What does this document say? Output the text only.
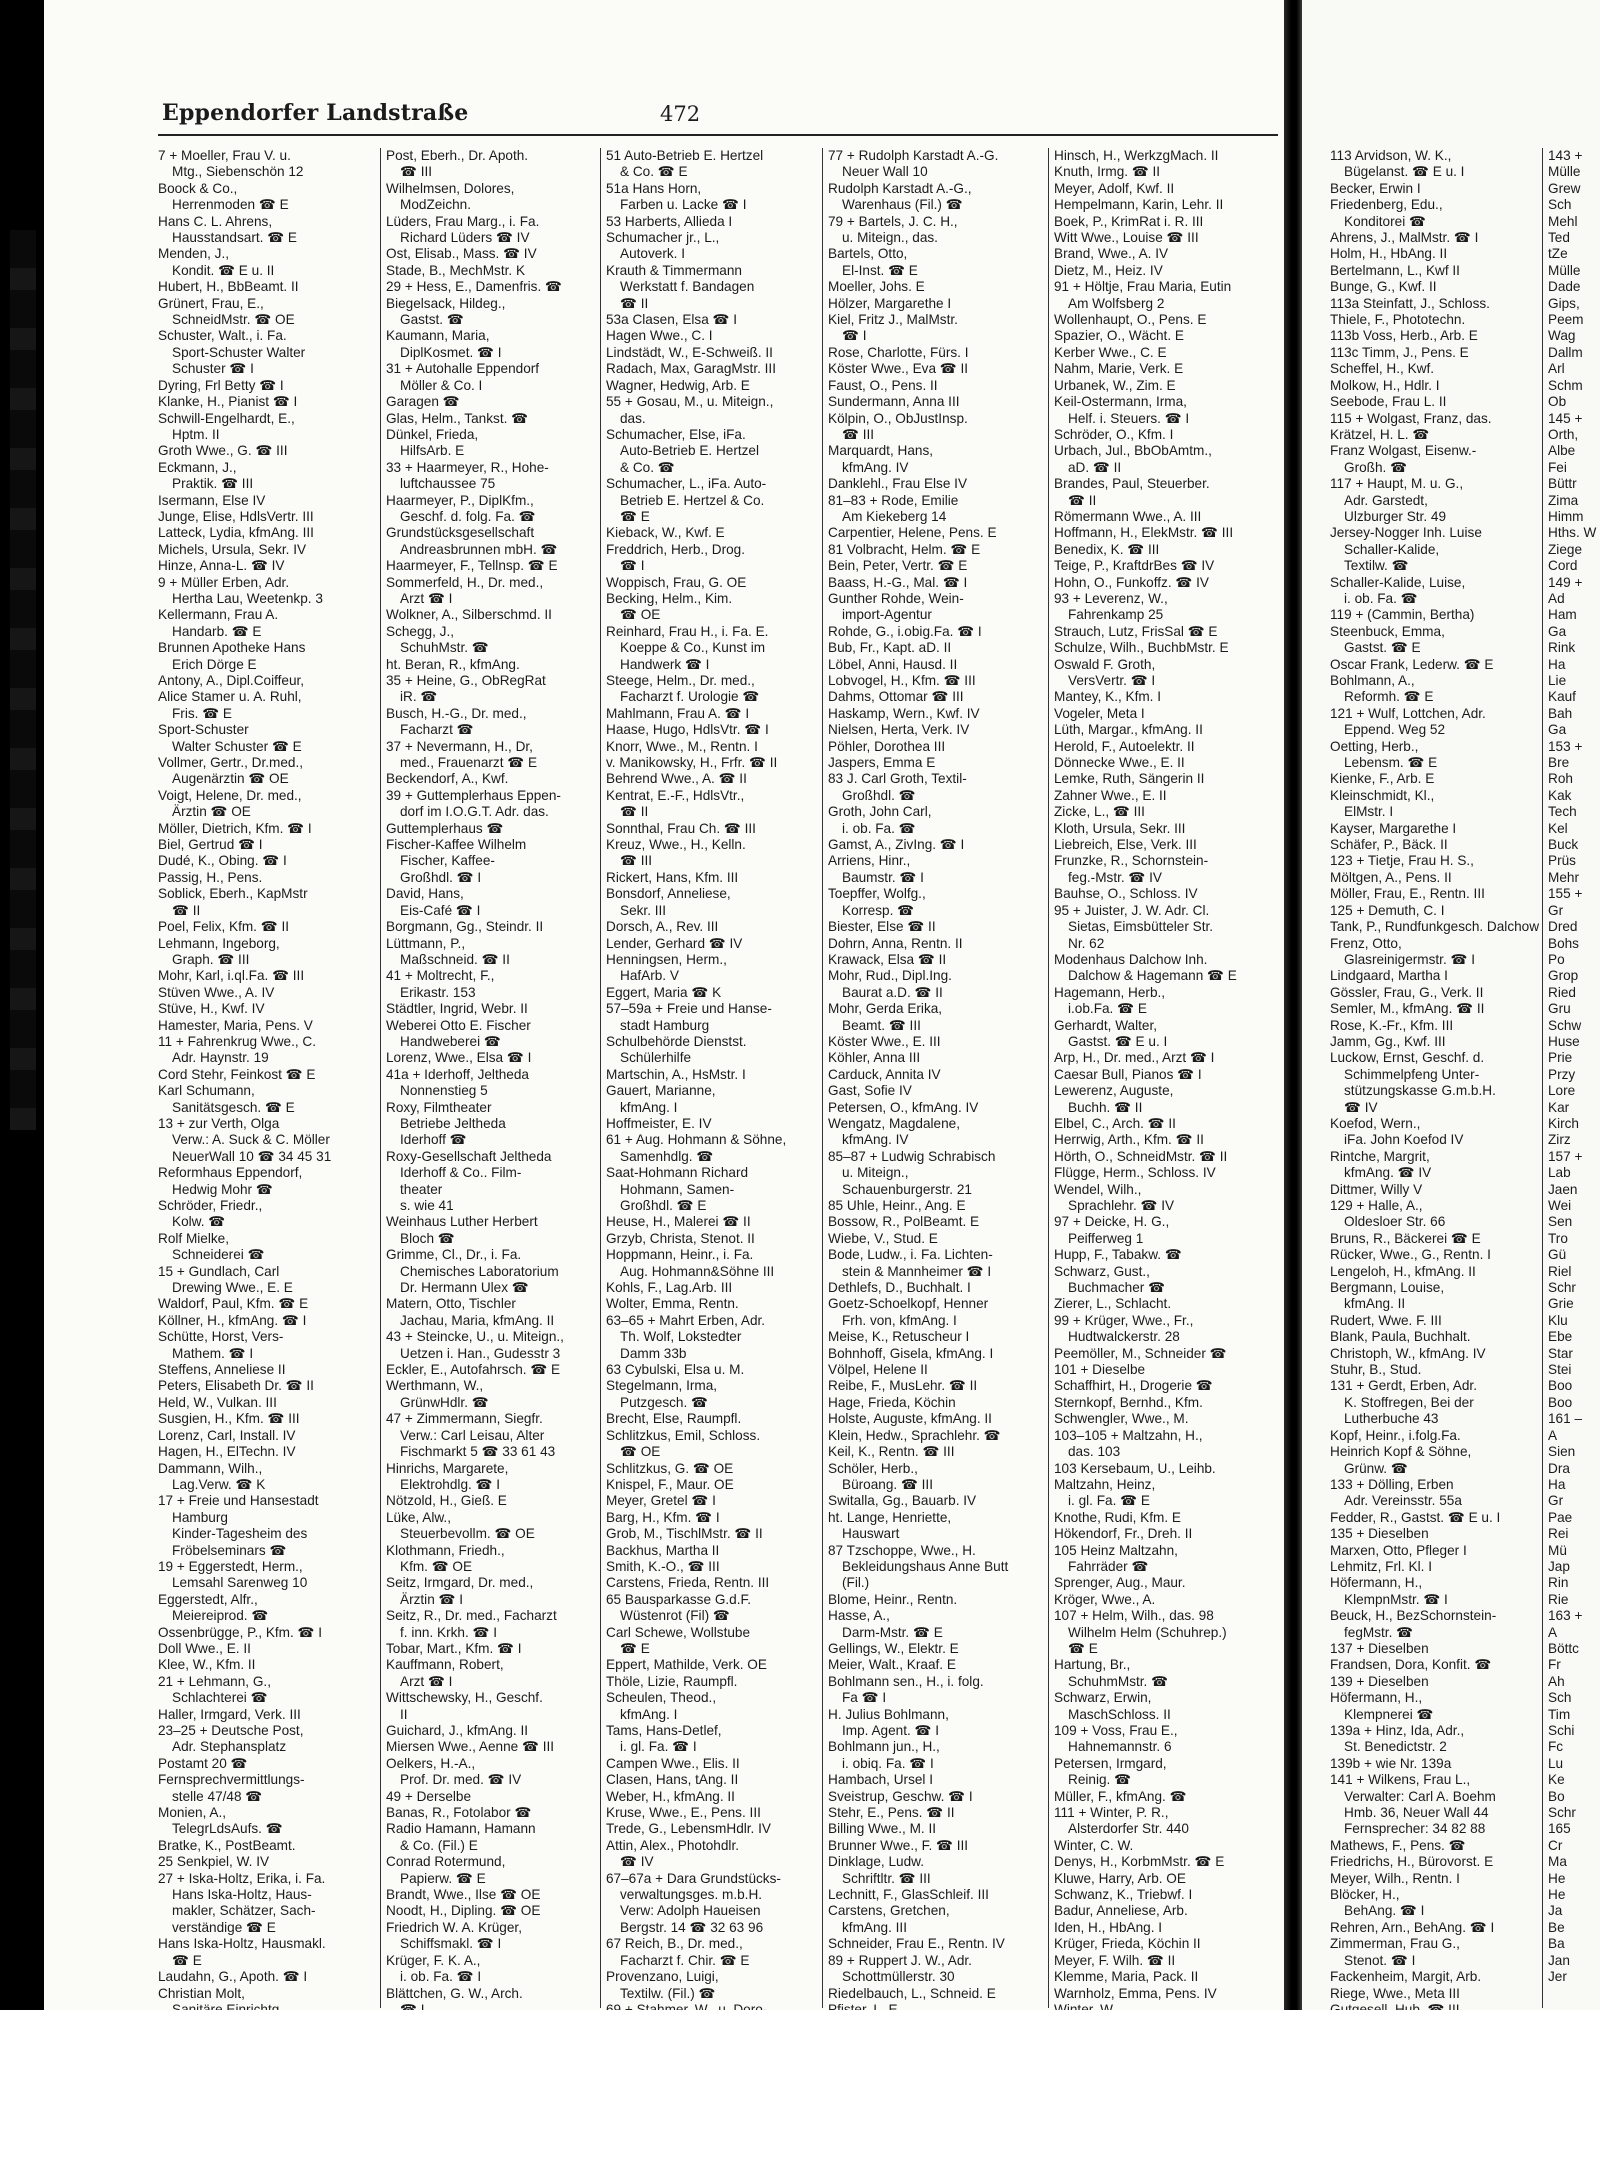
Eppendorfer Landstraße	472
7 + Moeller, Frau V. u.
Mtg., Siebenschön 12
Boock & Co.,
Herrenmoden ☎ E
Hans C. L. Ahrens,
Hausstandsart. ☎ E
Menden, J.,
Kondit. ☎ E u. II
Hubert, H., BbBeamt. II
Grünert, Frau, E.,
SchneidMstr. ☎ OE
Schuster, Walt., i. Fa.
Sport-Schuster Walter
Schuster ☎ I
Dyring, Frl Betty ☎ I
Klanke, H., Pianist ☎ I
Schwill-Engelhardt, E.,
Hptm. II
Groth Wwe., G. ☎ III
Eckmann, J.,
Praktik. ☎ III
Isermann, Else IV
Junge, Elise, HdlsVertr. III
Latteck, Lydia, kfmAng. III
Michels, Ursula, Sekr. IV
Hinze, Anna-L. ☎ IV
9 + Müller Erben, Adr.
Hertha Lau, Weetenkp. 3
Kellermann, Frau A.
Handarb. ☎ E
Brunnen Apotheke Hans
Erich Dörge E
Antony, A., Dipl.Coiffeur,
Alice Stamer u. A. Ruhl,
Fris. ☎ E
Sport-Schuster
Walter Schuster ☎ E
Vollmer, Gertr., Dr.med.,
Augenärztin ☎ OE
Voigt, Helene, Dr. med.,
Ärztin ☎ OE
Möller, Dietrich, Kfm. ☎ I
Biel, Gertrud ☎ I
Dudé, K., Obing. ☎ I
Passig, H., Pens.
Soblick, Eberh., KapMstr
☎ II
Poel, Felix, Kfm. ☎ II
Lehmann, Ingeborg,
Graph. ☎ III
Mohr, Karl, i.ql.Fa. ☎ III
Stüven Wwe., A. IV
Stüve, H., Kwf. IV
Hamester, Maria, Pens. V
11 + Fahrenkrug Wwe., C.
Adr. Haynstr. 19
Cord Stehr, Feinkost ☎ E
Karl Schumann,
Sanitätsgesch. ☎ E
13 + zur Verth, Olga
Verw.: A. Suck & C. Möller
NeuerWall 10 ☎ 34 45 31
Reformhaus Eppendorf,
Hedwig Mohr ☎
Schröder, Friedr.,
Kolw. ☎
Rolf Mielke,
Schneiderei ☎
15 + Gundlach, Carl
Drewing Wwe., E. E
Waldorf, Paul, Kfm. ☎ E
Köllner, H., kfmAng. ☎ I
Schütte, Horst, Vers-
Mathem. ☎ I
Steffens, Anneliese II
Peters, Elisabeth Dr. ☎ II
Held, W., Vulkan. III
Susgien, H., Kfm. ☎ III
Lorenz, Carl, Install. IV
Hagen, H., ElTechn. IV
Dammann, Wilh.,
Lag.Verw. ☎ K
17 + Freie und Hansestadt
Hamburg
Kinder-Tagesheim des
Fröbelseminars ☎
19 + Eggerstedt, Herm.,
Lemsahl Sarenweg 10
Eggerstedt, Alfr.,
Meiereiprod. ☎
Ossenbrügge, P., Kfm. ☎ I
Doll Wwe., E. II
Klee, W., Kfm. II
21 + Lehmann, G.,
Schlachterei ☎
Haller, Irmgard, Verk. III
23–25 + Deutsche Post,
Adr. Stephansplatz
Postamt 20 ☎
Fernsprechvermittlungs-
stelle 47/48 ☎
Monien, A.,
TelegrLdsAufs. ☎
Bratke, K., PostBeamt.
25 Senkpiel, W. IV
27 + Iska-Holtz, Erika, i. Fa.
Hans Iska-Holtz, Haus-
makler, Schätzer, Sach-
verständige ☎ E
Hans Iska-Holtz, Hausmakl.
☎ E
Laudahn, G., Apoth. ☎ I
Christian Molt,
Post, Eberh., Dr. Apoth.
☎ III
Wilhelmsen, Dolores,
ModZeichn.
Lüders, Frau Marg., i. Fa.
Richard Lüders ☎ IV
Ost, Elisab., Mass. ☎ IV
Stade, B., MechMstr. K
29 + Hess, E., Damenfris. ☎
Biegelsack, Hildeg.,
Gastst. ☎
Kaumann, Maria,
DiplKosmet. ☎ I
31 + Autohalle Eppendorf
Möller & Co. I
Garagen ☎
Glas, Helm., Tankst. ☎
Dünkel, Frieda,
HilfsArb. E
33 + Haarmeyer, R., Hohe-
luftchaussee 75
Haarmeyer, P., DiplKfm.,
Geschf. d. folg. Fa. ☎
Grundstücksgesellschaft
Andreasbrunnen mbH. ☎
Haarmeyer, F., Tellnsp. ☎ E
Sommerfeld, H., Dr. med.,
Arzt ☎ I
Wolkner, A., Silberschmd. II
Schegg, J.,
SchuhMstr. ☎
ht. Beran, R., kfmAng.
35 + Heine, G., ObRegRat
iR. ☎
Busch, H.-G., Dr. med.,
Facharzt ☎
37 + Nevermann, H., Dr,
med., Frauenarzt ☎ E
Beckendorf, A., Kwf.
39 + Guttemplerhaus Eppen-
dorf im I.O.G.T. Adr. das.
Guttemplerhaus ☎
Fischer-Kaffee Wilhelm
Fischer, Kaffee-
Großhdl. ☎ I
David, Hans,
Eis-Café ☎ I
Borgmann, Gg., Steindr. II
Lüttmann, P.,
Maßschneid. ☎ II
41 + Moltrecht, F.,
Erikastr. 153
Städtler, Ingrid, Webr. II
Weberei Otto E. Fischer
Handweberei ☎
Lorenz, Wwe., Elsa ☎ I
41a + Iderhoff, Jeltheda
Nonnenstieg 5
Roxy, Filmtheater
Betriebe Jeltheda
Iderhoff ☎
Roxy-Gesellschaft Jeltheda
Iderhoff & Co.. Film-
theater
s. wie 41
Weinhaus Luther Herbert
Bloch ☎
Grimme, Cl., Dr., i. Fa.
Chemisches Laboratorium
Dr. Hermann Ulex ☎
Matern, Otto, Tischler
Jachau, Maria, kfmAng. II
43 + Steincke, U., u. Miteign.,
Uetzen i. Han., Gudesstr 3
Eckler, E., Autofahrsch. ☎ E
Werthmann, W.,
GrünwHdlr. ☎
47 + Zimmermann, Siegfr.
Verw.: Carl Leisau, Alter
Fischmarkt 5 ☎ 33 61 43
Hinrichs, Margarete,
Elektrohdlg. ☎ I
Nötzold, H., Gieß. E
Lüke, Alw.,
Steuerbevollm. ☎ OE
Klothmann, Friedh.,
Kfm. ☎ OE
Seitz, Irmgard, Dr. med.,
Ärztin ☎ I
Seitz, R., Dr. med., Facharzt
f. inn. Krkh. ☎ I
Tobar, Mart., Kfm. ☎ I
Kauffmann, Robert,
Arzt ☎ I
Wittschewsky, H., Geschf.
II
Guichard, J., kfmAng. II
Miersen Wwe., Aenne ☎ III
Oelkers, H.-A.,
Prof. Dr. med. ☎ IV
49 + Derselbe
Banas, R., Fotolabor ☎
Radio Hamann, Hamann
& Co. (Fil.) E
Conrad Rotermund,
Papierw. ☎ E
Brandt, Wwe., Ilse ☎ OE
Noodt, H., Dipling. ☎ OE
Friedrich W. A. Krüger,
Schiffsmakl. ☎ I
Krüger, F. K. A.,
i. ob. Fa. ☎ I
Blättchen, G. W., Arch.
51 Auto-Betrieb E. Hertzel
& Co. ☎ E
51a Hans Horn,
Farben u. Lacke ☎ I
53 Harberts, Allieda I
Schumacher jr., L.,
Autoverk. I
Krauth & Timmermann
Werkstatt f. Bandagen
☎ II
53a Clasen, Elsa ☎ I
Hagen Wwe., C. I
Lindstädt, W., E-Schweiß. II
Radach, Max, GaragMstr. III
Wagner, Hedwig, Arb. E
55 + Gosau, M., u. Miteign.,
das.
Schumacher, Else, iFa.
Auto-Betrieb E. Hertzel
& Co. ☎
Schumacher, L., iFa. Auto-
Betrieb E. Hertzel & Co.
☎ E
Kieback, W., Kwf. E
Freddrich, Herb., Drog.
☎ I
Woppisch, Frau, G. OE
Becking, Helm., Kim.
☎ OE
Reinhard, Frau H., i. Fa. E.
Koeppe & Co., Kunst im
Handwerk ☎ I
Steege, Helm., Dr. med.,
Facharzt f. Urologie ☎
Mahlmann, Frau A. ☎ I
Haase, Hugo, HdlsVtr. ☎ I
Knorr, Wwe., M., Rentn. I
v. Manikowsky, H., Frfr. ☎ II
Behrend Wwe., A. ☎ II
Kentrat, E.-F., HdlsVtr.,
☎ II
Sonnthal, Frau Ch. ☎ III
Kreuz, Wwe., H., Kelln.
☎ III
Rickert, Hans, Kfm. III
Bonsdorf, Anneliese,
Sekr. III
Dorsch, A., Rev. III
Lender, Gerhard ☎ IV
Henningsen, Herm.,
HafArb. V
Eggert, Maria ☎ K
57–59a + Freie und Hanse-
stadt Hamburg
Schulbehörde Dienstst.
Schülerhilfe
Martschin, A., HsMstr. I
Gauert, Marianne,
kfmAng. I
Hoffmeister, E. IV
61 + Aug. Hohmann & Söhne,
Samenhdlg. ☎
Saat-Hohmann Richard
Hohmann, Samen-
Großhdl. ☎ E
Heuse, H., Malerei ☎ II
Grzyb, Christa, Stenot. II
Hoppmann, Heinr., i. Fa.
Aug. Hohmann&Söhne III
Kohls, F., Lag.Arb. III
Wolter, Emma, Rentn.
63–65 + Mahrt Erben, Adr.
Th. Wolf, Lokstedter
Damm 33b
63 Cybulski, Elsa u. M.
Stegelmann, Irma,
Putzgesch. ☎
Brecht, Else, Raumpfl.
Schlitzkus, Emil, Schloss.
☎ OE
Schlitzkus, G. ☎ OE
Knispel, F., Maur. OE
Meyer, Gretel ☎ I
Barg, H., Kfm. ☎ I
Grob, M., TischlMstr. ☎ II
Backhus, Martha II
Smith, K.-O., ☎ III
Carstens, Frieda, Rentn. III
65 Bausparkasse G.d.F.
Wüstenrot (Fil) ☎
Carl Schewe, Wollstube
☎ E
Eppert, Mathilde, Verk. OE
Thöle, Lizie, Raumpfl.
Scheulen, Theod.,
kfmAng. I
Tams, Hans-Detlef,
i. gl. Fa. ☎ I
Campen Wwe., Elis. II
Clasen, Hans, tAng. II
Weber, H., kfmAng. II
Kruse, Wwe., E., Pens. III
Trede, G., LebensmHdlr. IV
Attin, Alex., Photohdlr.
☎ IV
67–67a + Dara Grundstücks-
verwaltungsges. m.b.H.
Verw: Adolph Haueisen
Bergstr. 14 ☎ 32 63 96
67 Reich, B., Dr. med.,
Facharzt f. Chir. ☎ E
Provenzano, Luigi,
Textilw. (Fil.) ☎
77 + Rudolph Karstadt A.-G.
Neuer Wall 10
Rudolph Karstadt A.-G.,
Warenhaus (Fil.) ☎
79 + Bartels, J. C. H.,
u. Miteign., das.
Bartels, Otto,
El-Inst. ☎ E
Moeller, Johs. E
Hölzer, Margarethe I
Kiel, Fritz J., MalMstr.
☎ I
Rose, Charlotte, Fürs. I
Köster Wwe., Eva ☎ II
Faust, O., Pens. II
Sundermann, Anna III
Kölpin, O., ObJustInsp.
☎ III
Marquardt, Hans,
kfmAng. IV
Danklehl., Frau Else IV
81–83 + Rode, Emilie
Am Kiekeberg 14
Carpentier, Helene, Pens. E
81 Volbracht, Helm. ☎ E
Bein, Peter, Vertr. ☎ E
Baass, H.-G., Mal. ☎ I
Gunther Rohde, Wein-
import-Agentur
Rohde, G., i.obig.Fa. ☎ I
Bub, Fr., Kapt. aD. II
Löbel, Anni, Hausd. II
Lobvogel, H., Kfm. ☎ III
Dahms, Ottomar ☎ III
Haskamp, Wern., Kwf. IV
Nielsen, Herta, Verk. IV
Pöhler, Dorothea III
Jaspers, Emma E
83 J. Carl Groth, Textil-
Großhdl. ☎
Groth, John Carl,
i. ob. Fa. ☎
Gamst, A., ZivIng. ☎ I
Arriens, Hinr.,
Baumstr. ☎ I
Toepffer, Wolfg.,
Korresp. ☎
Biester, Else ☎ II
Dohrn, Anna, Rentn. II
Krawack, Elsa ☎ II
Mohr, Rud., Dipl.Ing.
Baurat a.D. ☎ II
Mohr, Gerda Erika,
Beamt. ☎ III
Köster Wwe., E. III
Köhler, Anna III
Carduck, Annita IV
Gast, Sofie IV
Petersen, O., kfmAng. IV
Wengatz, Magdalene,
kfmAng. IV
85–87 + Ludwig Schrabisch
u. Miteign.,
Schauenburgerstr. 21
85 Uhle, Heinr., Ang. E
Bossow, R., PolBeamt. E
Wiebe, V., Stud. E
Bode, Ludw., i. Fa. Lichten-
stein & Mannheimer ☎ I
Dethlefs, D., Buchhalt. I
Goetz-Schoelkopf, Henner
Frh. von, kfmAng. I
Meise, K., Retuscheur I
Bohnhoff, Gisela, kfmAng. I
Völpel, Helene II
Reibe, F., MusLehr. ☎ II
Hage, Frieda, Köchin
Holste, Auguste, kfmAng. II
Klein, Hedw., Sprachlehr. ☎
Keil, K., Rentn. ☎ III
Schöler, Herb.,
Büroang. ☎ III
Switalla, Gg., Bauarb. IV
ht. Lange, Henriette,
Hauswart
87 Tzschoppe, Wwe., H.
Bekleidungshaus Anne Butt
(Fil.)
Blome, Heinr., Rentn.
Hasse, A.,
Darm-Mstr. ☎ E
Gellings, W., Elektr. E
Meier, Walt., Kraaf. E
Bohlmann sen., H., i. folg.
Fa ☎ I
H. Julius Bohlmann,
Imp. Agent. ☎ I
Bohlmann jun., H.,
i. obiq. Fa. ☎ I
Hambach, Ursel I
Sveistrup, Geschw. ☎ I
Stehr, E., Pens. ☎ II
Billing Wwe., M. II
Brunner Wwe., F. ☎ III
Dinklage, Ludw.
Schriftltr. ☎ III
Lechnitt, F., GlasSchleif. III
Carstens, Gretchen,
kfmAng. III
Schneider, Frau E., Rentn. IV
89 + Ruppert J. W., Adr.
Schottmüllerstr. 30
Riedelbauch, L., Schneid. E
Hinsch, H., WerkzgMach. II
Knuth, Irmg. ☎ II
Meyer, Adolf, Kwf. II
Hempelmann, Karin, Lehr. II
Boek, P., KrimRat i. R. III
Witt Wwe., Louise ☎ III
Brand, Wwe., A. IV
Dietz, M., Heiz. IV
91 + Höltje, Frau Maria, Eutin
Am Wolfsberg 2
Wollenhaupt, O., Pens. E
Spazier, O., Wächt. E
Kerber Wwe., C. E
Nahm, Marie, Verk. E
Urbanek, W., Zim. E
Keil-Ostermann, Irma,
Helf. i. Steuers. ☎ I
Schröder, O., Kfm. I
Urbach, Jul., BbObAmtm.,
aD. ☎ II
Brandes, Paul, Steuerber.
☎ II
Römermann Wwe., A. III
Hoffmann, H., ElekMstr. ☎ III
Benedix, K. ☎ III
Teige, P., KraftdrBes ☎ IV
Hohn, O., Funkoffz. ☎ IV
93 + Leverenz, W.,
Fahrenkamp 25
Strauch, Lutz, FrisSal ☎ E
Schulze, Wilh., BuchbMstr. E
Oswald F. Groth,
VersVertr. ☎ I
Mantey, K., Kfm. I
Vogeler, Meta I
Lüth, Margar., kfmAng. II
Herold, F., Autoelektr. II
Dönnecke Wwe., E. II
Lemke, Ruth, Sängerin II
Zahner Wwe., E. II
Zicke, L., ☎ III
Kloth, Ursula, Sekr. III
Liebreich, Else, Verk. III
Frunzke, R., Schornstein-
feg.-Mstr. ☎ IV
Bauhse, O., Schloss. IV
95 + Juister, J. W. Adr. Cl.
Sietas, Eimsbütteler Str.
Nr. 62
Modenhaus Dalchow Inh.
Dalchow & Hagemann ☎ E
Hagemann, Herb.,
i.ob.Fa. ☎ E
Gerhardt, Walter,
Gastst. ☎ E u. I
Arp, H., Dr. med., Arzt ☎ I
Caesar Bull, Pianos ☎ I
Lewerenz, Auguste,
Buchh. ☎ II
Elbel, C., Arch. ☎ II
Herrwig, Arth., Kfm. ☎ II
Hörth, O., SchneidMstr. ☎ II
Flügge, Herm., Schloss. IV
Wendel, Wilh.,
Sprachlehr. ☎ IV
97 + Deicke, H. G.,
Peifferweg 1
Hupp, F., Tabakw. ☎
Schwarz, Gust.,
Buchmacher ☎
Zierer, L., Schlacht.
99 + Krüger, Wwe., Fr.,
Hudtwalckerstr. 28
Peemöller, M., Schneider ☎
101 + Dieselbe
Schaffhirt, H., Drogerie ☎
Sternkopf, Bernhd., Kfm.
Schwengler, Wwe., M.
103–105 + Maltzahn, H.,
das. 103
103 Kersebaum, U., Leihb.
Maltzahn, Heinz,
i. gl. Fa. ☎ E
Knothe, Rudi, Kfm. E
Hökendorf, Fr., Dreh. II
105 Heinz Maltzahn,
Fahrräder ☎
Sprenger, Aug., Maur.
Kröger, Wwe., A.
107 + Helm, Wilh., das. 98
Wilhelm Helm (Schuhrep.)
☎ E
Hartung, Br.,
SchuhmMstr. ☎
Schwarz, Erwin,
MaschSchloss. II
109 + Voss, Frau E.,
Hahnemannstr. 6
Petersen, Irmgard,
Reinig. ☎
Müller, F., kfmAng. ☎
111 + Winter, P. R.,
Alsterdorfer Str. 440
Winter, C. W.
Denys, H., KorbmMstr. ☎ E
Kluwe, Harry, Arb. OE
Schwanz, K., Triebwf. I
Badur, Anneliese, Arb.
Iden, H., HbAng. I
Krüger, Frieda, Köchin II
Meyer, F. Wilh. ☎ II
Klemme, Maria, Pack. II
Warnholz, Emma, Pens. IV
113 Arvidson, W. K.,
Bügelanst. ☎ E u. I
Becker, Erwin I
Friedenberg, Edu.,
Konditorei ☎
Ahrens, J., MalMstr. ☎ I
Holm, H., HbAng. II
Bertelmann, L., Kwf II
Bunge, G., Kwf. II
113a Steinfatt, J., Schloss.
Thiele, F., Phototechn.
113b Voss, Herb., Arb. E
113c Timm, J., Pens. E
Scheffel, H., Kwf.
Molkow, H., Hdlr. I
Seebode, Frau L. II
115 + Wolgast, Franz, das.
Krätzel, H. L. ☎
Franz Wolgast, Eisenw.-
Großh. ☎
117 + Haupt, M. u. G.,
Adr. Garstedt,
Ulzburger Str. 49
Jersey-Nogger Inh. Luise
Schaller-Kalide,
Textilw. ☎
Schaller-Kalide, Luise,
i. ob. Fa. ☎
119 + (Cammin, Bertha)
Steenbuck, Emma,
Gastst. ☎ E
Oscar Frank, Lederw. ☎ E
Bohlmann, A.,
Reformh. ☎ E
121 + Wulf, Lottchen, Adr.
Eppend. Weg 52
Oetting, Herb.,
Lebensm. ☎ E
Kienke, F., Arb. E
Kleinschmidt, Kl.,
ElMstr. I
Kayser, Margarethe I
Schäfer, P., Bäck. II
123 + Tietje, Frau H. S.,
Möltgen, A., Pens. II
Möller, Frau, E., Rentn. III
125 + Demuth, C. I
Tank, P., Rundfunkgesch. Dalchow
Frenz, Otto,
Glasreinigermstr. ☎ I
Lindgaard, Martha I
Gössler, Frau, G., Verk. II
Semler, M., kfmAng. ☎ II
Rose, K.-Fr., Kfm. III
Jamm, Gg., Kwf. III
Luckow, Ernst, Geschf. d.
Schimmelpfeng Unter-
stützungskasse G.m.b.H.
☎ IV
Koefod, Wern.,
iFa. John Koefod IV
Rintche, Margrit,
kfmAng. ☎ IV
Dittmer, Willy V
129 + Halle, A.,
Oldesloer Str. 66
Bruns, R., Bäckerei ☎ E
Rücker, Wwe., G., Rentn. I
Lengeloh, H., kfmAng. II
Bergmann, Louise,
kfmAng. II
Rudert, Wwe. F. III
Blank, Paula, Buchhalt.
Christoph, W., kfmAng. IV
Stuhr, B., Stud.
131 + Gerdt, Erben, Adr.
K. Stoffregen, Bei der
Lutherbuche 43
Kopf, Heinr., i.folg.Fa.
Heinrich Kopf & Söhne,
Grünw. ☎
133 + Dölling, Erben
Adr. Vereinsstr. 55a
Fedder, R., Gastst. ☎ E u. I
135 + Dieselben
Marxen, Otto, Pfleger I
Lehmitz, Frl. Kl. I
Höfermann, H.,
KlempnMstr. ☎ I
Beuck, H., BezSchornstein-
fegMstr. ☎
137 + Dieselben
Frandsen, Dora, Konfit. ☎
139 + Dieselben
Höfermann, H.,
Klempnerei ☎
139a + Hinz, Ida, Adr.,
St. Benedictstr. 2
139b + wie Nr. 139a
141 + Wilkens, Frau L.,
Verwalter: Carl A. Boehm
Hmb. 36, Neuer Wall 44
Fernsprecher: 34 82 88
Mathews, F., Pens. ☎
Friedrichs, H., Bürovorst. E
Meyer, Wilh., Rentn. I
Blöcker, H.,
BehAng. ☎ I
Rehren, Arn., BehAng. ☎ I
Zimmerman, Frau G.,
Stenot. ☎ I
Fackenheim, Margit, Arb.
Riege, Wwe., Meta III
143 +
Mülle
Grew
Sch
Mehl
Ted
tZe
Mülle
Dade
Gips,
Peem
Wag
Dallm
Arl
Schm
Ob
145 +
Orth,
Albe
Fei
Büttr
Zima
Himm
Hths. W
Ziege
Cord
149 +
Ad
Ham
Ga
Rink
Ha
Lie
Kauf
Bah
Ga
153 +
Bre
Roh
Kak
Tech
Kel
Buck
Prüs
Mehr
155 +
Gr
Dred
Bohs
Po
Grop
Ried
Gru
Schw
Huse
Prie
Przy
Lore
Kar
Kirch
Zirz
157 +
Lab
Jaen
Wei
Sen
Tro
Gü
Riel
Schr
Grie
Klu
Ebe
Star
Stei
Boo
Boo
161 –
A
Sien
Dra
Ha
Gr
Pae
Rei
Mü
Jap
Rin
Rie
163 +
A
Böttc
Fr
Ah
Sch
Tim
Schi
Fc
Lu
Ke
Bo
Schr
165
Cr
Ma
He
He
Ja
Be
Ba
Jan
Jer
